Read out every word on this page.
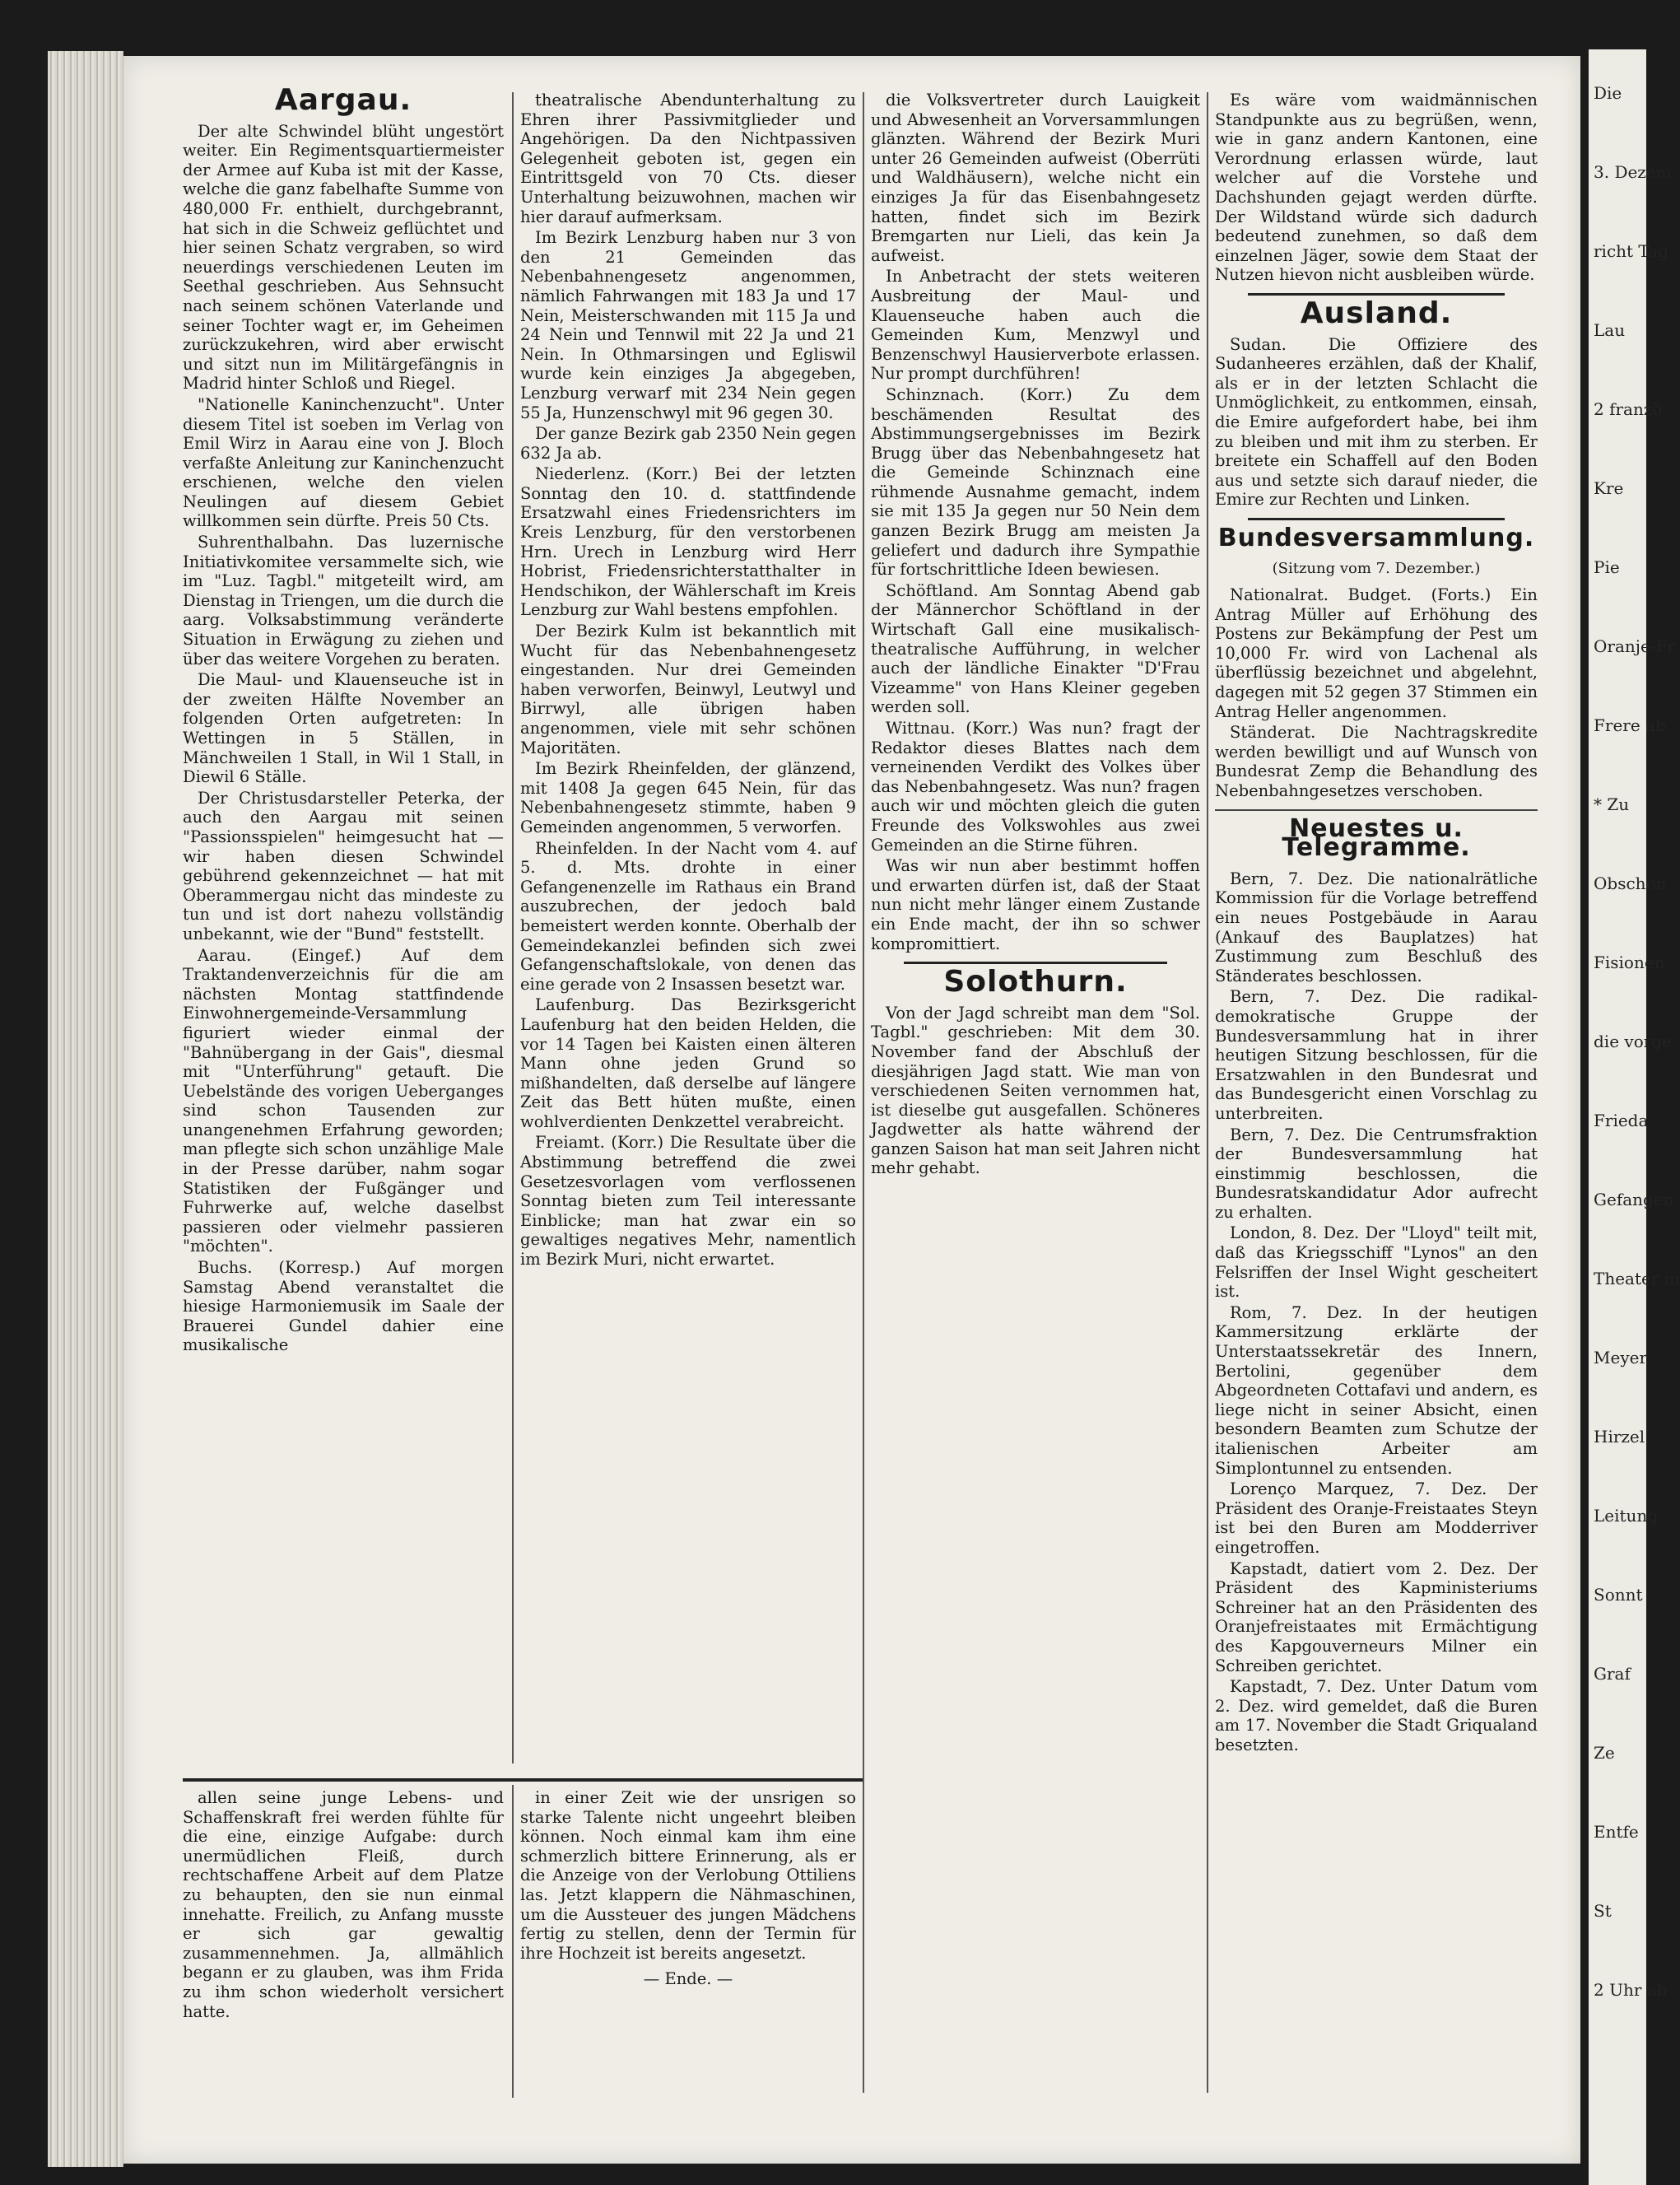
Aargau.

Der alte Schwindel blüht ungestört weiter. Ein Regimentsquartiermeister der Armee auf Kuba ist mit der Kasse, welche die ganz fabelhafte Summe von 480,000 Fr. enthielt, durchgebrannt, hat sich in die Schweiz geflüchtet und hier seinen Schatz vergraben, so wird neuerdings verschiedenen Leuten im Seethal geschrieben. Aus Sehnsucht nach seinem schönen Vaterlande und seiner Tochter wagt er, im Geheimen zurückzukehren, wird aber erwischt und sitzt nun im Militärgefängnis in Madrid hinter Schloß und Riegel.

"Nationelle Kaninchenzucht". Unter diesem Titel ist soeben im Verlag von Emil Wirz in Aarau eine von J. Bloch verfaßte Anleitung zur Kaninchenzucht erschienen, welche den vielen Neulingen auf diesem Gebiet willkommen sein dürfte. Preis 50 Cts.

Suhrenthalbahn. Das luzernische Initiativkomitee versammelte sich, wie im "Luz. Tagbl." mitgeteilt wird, am Dienstag in Triengen, um die durch die aarg. Volksabstimmung veränderte Situation in Erwägung zu ziehen und über das weitere Vorgehen zu beraten.

Die Maul- und Klauenseuche ist in der zweiten Hälfte November an folgenden Orten aufgetreten: In Wettingen in 5 Ställen, in Mänchweilen 1 Stall, in Wil 1 Stall, in Diewil 6 Ställe.

Der Christusdarsteller Peterka, der auch den Aargau mit seinen "Passionsspielen" heimgesucht hat — wir haben diesen Schwindel gebührend gekennzeichnet — hat mit Oberammergau nicht das mindeste zu tun und ist dort nahezu vollständig unbekannt, wie der "Bund" feststellt.

Aarau. (Eingef.) Auf dem Traktandenverzeichnis für die am nächsten Montag stattfindende Einwohnergemeinde-Versammlung figuriert wieder einmal der "Bahnübergang in der Gais", diesmal mit "Unterführung" getauft. Die Uebelstände des vorigen Ueberganges sind schon Tausenden zur unangenehmen Erfahrung geworden; man pflegte sich schon unzählige Male in der Presse darüber, nahm sogar Statistiken der Fußgänger und Fuhrwerke auf, welche daselbst passieren oder vielmehr passieren "möchten".

Buchs. (Korresp.) Auf morgen Samstag Abend veranstaltet die hiesige Harmoniemusik im Saale der Brauerei Gundel dahier eine musikalische

theatralische Abendunterhaltung zu Ehren ihrer Passivmitglieder und Angehörigen. Da den Nichtpassiven Gelegenheit geboten ist, gegen ein Eintrittsgeld von 70 Cts. dieser Unterhaltung beizuwohnen, machen wir hier darauf aufmerksam.

Im Bezirk Lenzburg haben nur 3 von den 21 Gemeinden das Nebenbahnengesetz angenommen, nämlich Fahrwangen mit 183 Ja und 17 Nein, Meisterschwanden mit 115 Ja und 24 Nein und Tennwil mit 22 Ja und 21 Nein. In Othmarsingen und Egliswil wurde kein einziges Ja abgegeben, Lenzburg verwarf mit 234 Nein gegen 55 Ja, Hunzenschwyl mit 96 gegen 30.

Der ganze Bezirk gab 2350 Nein gegen 632 Ja ab.

Niederlenz. (Korr.) Bei der letzten Sonntag den 10. d. stattfindende Ersatzwahl eines Friedensrichters im Kreis Lenzburg, für den verstorbenen Hrn. Urech in Lenzburg wird Herr Hobrist, Friedensrichterstatthalter in Hendschikon, der Wählerschaft im Kreis Lenzburg zur Wahl bestens empfohlen.

Der Bezirk Kulm ist bekanntlich mit Wucht für das Nebenbahnengesetz eingestanden. Nur drei Gemeinden haben verworfen, Beinwyl, Leutwyl und Birrwyl, alle übrigen haben angenommen, viele mit sehr schönen Majoritäten.

Im Bezirk Rheinfelden, der glänzend, mit 1408 Ja gegen 645 Nein, für das Nebenbahnengesetz stimmte, haben 9 Gemeinden angenommen, 5 verworfen.

Rheinfelden. In der Nacht vom 4. auf 5. d. Mts. drohte in einer Gefangenenzelle im Rathaus ein Brand auszubrechen, der jedoch bald bemeistert werden konnte. Oberhalb der Gemeindekanzlei befinden sich zwei Gefangenschaftslokale, von denen das eine gerade von 2 Insassen besetzt war.

Laufenburg. Das Bezirksgericht Laufenburg hat den beiden Helden, die vor 14 Tagen bei Kaisten einen älteren Mann ohne jeden Grund so mißhandelten, daß derselbe auf längere Zeit das Bett hüten mußte, einen wohlverdienten Denkzettel verabreicht.

Freiamt. (Korr.) Die Resultate über die Abstimmung betreffend die zwei Gesetzesvorlagen vom verflossenen Sonntag bieten zum Teil interessante Einblicke; man hat zwar ein so gewaltiges negatives Mehr, namentlich im Bezirk Muri, nicht erwartet.

die Volksvertreter durch Lauigkeit und Abwesenheit an Vorversammlungen glänzten. Während der Bezirk Muri unter 26 Gemeinden aufweist (Oberrüti und Waldhäusern), welche nicht ein einziges Ja für das Eisenbahngesetz hatten, findet sich im Bezirk Bremgarten nur Lieli, das kein Ja aufweist.

In Anbetracht der stets weiteren Ausbreitung der Maul- und Klauenseuche haben auch die Gemeinden Kum, Menzwyl und Benzenschwyl Hausierverbote erlassen. Nur prompt durchführen!

Schinznach. (Korr.) Zu dem beschämenden Resultat des Abstimmungsergebnisses im Bezirk Brugg über das Nebenbahngesetz hat die Gemeinde Schinznach eine rühmende Ausnahme gemacht, indem sie mit 135 Ja gegen nur 50 Nein dem ganzen Bezirk Brugg am meisten Ja geliefert und dadurch ihre Sympathie für fortschrittliche Ideen bewiesen.

Schöftland. Am Sonntag Abend gab der Männerchor Schöftland in der Wirtschaft Gall eine musikalisch-theatralische Aufführung, in welcher auch der ländliche Einakter "D'Frau Vizeamme" von Hans Kleiner gegeben werden soll.

Wittnau. (Korr.) Was nun? fragt der Redaktor dieses Blattes nach dem verneinenden Verdikt des Volkes über das Nebenbahngesetz. Was nun? fragen auch wir und möchten gleich die guten Freunde des Volkswohles aus zwei Gemeinden an die Stirne führen.

Was wir nun aber bestimmt hoffen und erwarten dürfen ist, daß der Staat nun nicht mehr länger einem Zustande ein Ende macht, der ihn so schwer kompromittiert.

Solothurn.

Von der Jagd schreibt man dem "Sol. Tagbl." geschrieben: Mit dem 30. November fand der Abschluß der diesjährigen Jagd statt. Wie man von verschiedenen Seiten vernommen hat, ist dieselbe gut ausgefallen. Schöneres Jagdwetter als hatte während der ganzen Saison hat man seit Jahren nicht mehr gehabt.

Es wäre vom waidmännischen Standpunkte aus zu begrüßen, wenn, wie in ganz andern Kantonen, eine Verordnung erlassen würde, laut welcher auf die Vorstehe und Dachshunden gejagt werden dürfte. Der Wildstand würde sich dadurch bedeutend zunehmen, so daß dem einzelnen Jäger, sowie dem Staat der Nutzen hievon nicht ausbleiben würde.

Ausland.

Sudan. Die Offiziere des Sudanheeres erzählen, daß der Khalif, als er in der letzten Schlacht die Unmöglichkeit, zu entkommen, einsah, die Emire aufgefordert habe, bei ihm zu bleiben und mit ihm zu sterben. Er breitete ein Schaffell auf den Boden aus und setzte sich darauf nieder, die Emire zur Rechten und Linken.

Bundesversammlung.
(Sitzung vom 7. Dezember.)

Nationalrat. Budget. (Forts.) Ein Antrag Müller auf Erhöhung des Postens zur Bekämpfung der Pest um 10,000 Fr. wird von Lachenal als überflüssig bezeichnet und abgelehnt, dagegen mit 52 gegen 37 Stimmen ein Antrag Heller angenommen.

Ständerat. Die Nachtragskredite werden bewilligt und auf Wunsch von Bundesrat Zemp die Behandlung des Nebenbahngesetzes verschoben.

Neuestes u. Telegramme.

Bern, 7. Dez. Die nationalrätliche Kommission für die Vorlage betreffend ein neues Postgebäude in Aarau (Ankauf des Bauplatzes) hat Zustimmung zum Beschluß des Ständerates beschlossen.

Bern, 7. Dez. Die radikal-demokratische Gruppe der Bundesversammlung hat in ihrer heutigen Sitzung beschlossen, für die Ersatzwahlen in den Bundesrat und das Bundesgericht einen Vorschlag zu unterbreiten.

Bern, 7. Dez. Die Centrumsfraktion der Bundesversammlung hat einstimmig beschlossen, die Bundesratskandidatur Ador aufrecht zu erhalten.

London, 8. Dez. Der "Lloyd" teilt mit, daß das Kriegsschiff "Lynos" an den Felsriffen der Insel Wight gescheitert ist.

Rom, 7. Dez. In der heutigen Kammersitzung erklärte der Unterstaatssekretär des Innern, Bertolini, gegenüber dem Abgeordneten Cottafavi und andern, es liege nicht in seiner Absicht, einen besondern Beamten zum Schutze der italienischen Arbeiter am Simplontunnel zu entsenden.

Lorenço Marquez, 7. Dez. Der Präsident des Oranje-Freistaates Steyn ist bei den Buren am Modderriver eingetroffen.

Kapstadt, datiert vom 2. Dez. Der Präsident des Kapministeriums Schreiner hat an den Präsidenten des Oranjefreistaates mit Ermächtigung des Kapgouverneurs Milner ein Schreiben gerichtet.

Kapstadt, 7. Dez. Unter Datum vom 2. Dez. wird gemeldet, daß die Buren am 17. November die Stadt Griqualand besetzten.

allen seine junge Lebens- und Schaffenskraft frei werden fühlte für die eine, einzige Aufgabe: durch unermüdlichen Fleiß, durch rechtschaffene Arbeit auf dem Platze zu behaupten, den sie nun einmal innehatte. Freilich, zu Anfang musste er sich gar gewaltig zusammennehmen. Ja, allmählich begann er zu glauben, was ihm Frida zu ihm schon wiederholt versichert hatte.

in einer Zeit wie der unsrigen so starke Talente nicht ungeehrt bleiben können. Noch einmal kam ihm eine schmerzlich bittere Erinnerung, als er die Anzeige von der Verlobung Ottiliens las. Jetzt klappern die Nähmaschinen, um die Aussteuer des jungen Mädchens fertig zu stellen, denn der Termin für ihre Hochzeit ist bereits angesetzt.

— Ende. —
Die
3. Dezem
richt Tag
Lau
2 franzö
Kre
Pie
Oranje-Fr
Frere ab
* Zu
Obschon
Fisionen
die vorge
Frieda
Gefangen
Theater in
Meyer
Hirzel
Leitung
Sonnt
Graf
Ze
Entfe
St
2 Uhr ab
